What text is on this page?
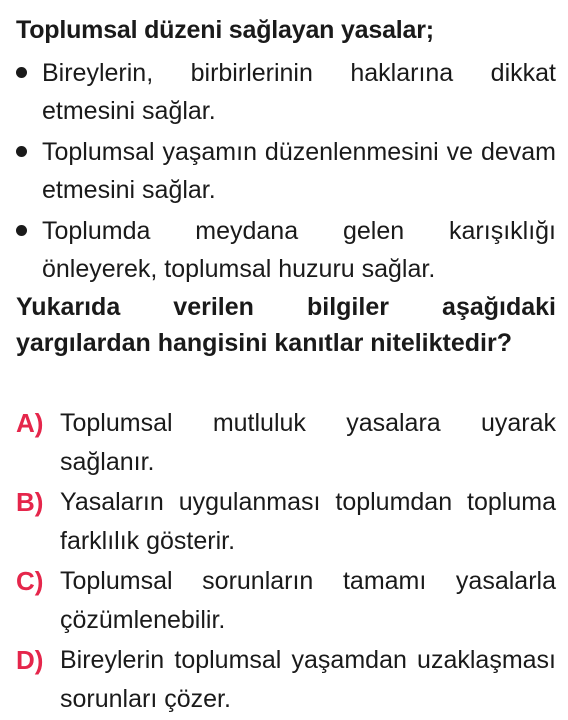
Toplumsal düzeni sağlayan yasalar;

Bireylerin, birbirlerinin haklarına dikkat etmesini sağlar.
Toplumsal yaşamın düzenlenmesini ve devam etmesini sağlar.
Toplumda meydana gelen karışıklığı önleyerek, toplumsal huzuru sağlar.

Yukarıda verilen bilgiler aşağıdaki yargılardan hangisini kanıtlar niteliktedir?

A) Toplumsal mutluluk yasalara uyarak sağlanır.
B) Yasaların uygulanması toplumdan topluma farklılık gösterir.
C) Toplumsal sorunların tamamı yasalarla çözümlenebilir.
D) Bireylerin toplumsal yaşamdan uzaklaşması sorunları çözer.
